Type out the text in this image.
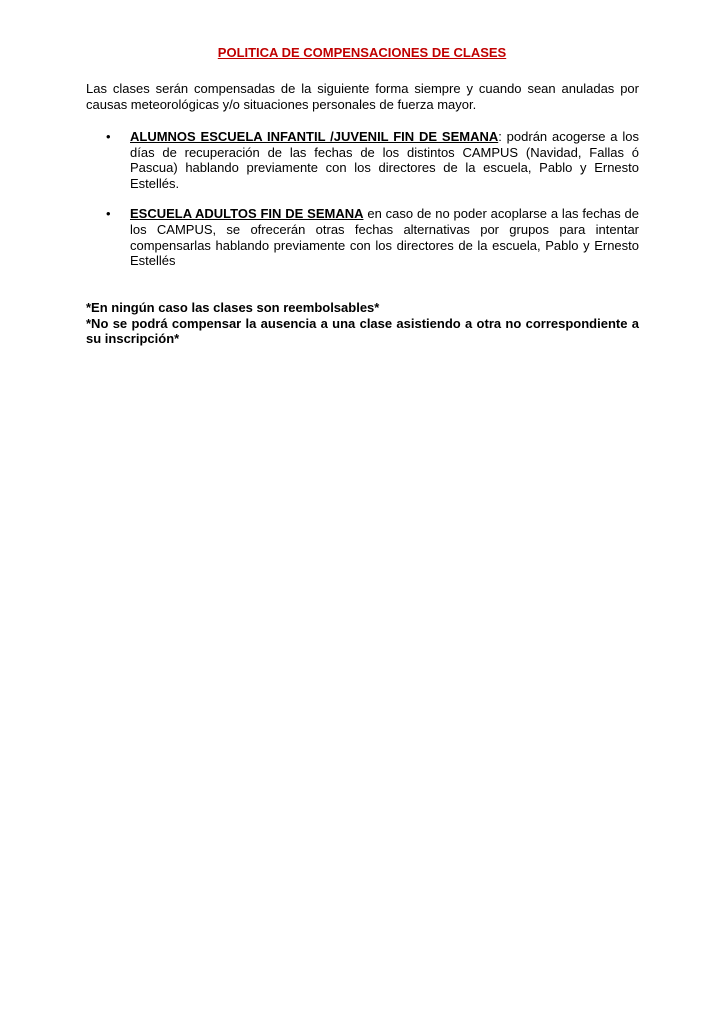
POLITICA DE COMPENSACIONES DE CLASES

Las clases serán compensadas de la siguiente forma siempre y cuando sean anuladas por causas meteorológicas y/o situaciones personales de fuerza mayor.

• ALUMNOS ESCUELA INFANTIL /JUVENIL FIN DE SEMANA: podrán acogerse a los días de recuperación de las fechas de los distintos CAMPUS (Navidad, Fallas ó Pascua) hablando previamente con los directores de la escuela, Pablo y Ernesto Estellés.
• ESCUELA ADULTOS FIN DE SEMANA en caso de no poder acoplarse a las fechas de los CAMPUS, se ofrecerán otras fechas alternativas por grupos para intentar compensarlas hablando previamente con los directores de la escuela, Pablo y Ernesto Estellés
*En ningún caso las clases son reembolsables*
*No se podrá compensar la ausencia a una clase asistiendo a otra no correspondiente a su inscripción*
